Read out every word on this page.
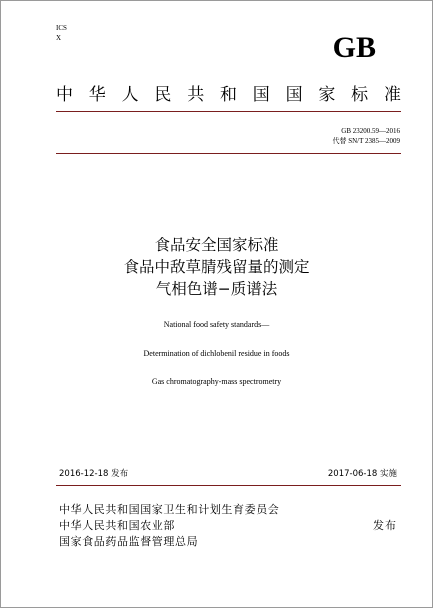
ICS
X	GB
中 华 人 民 共 和 国 国 家 标 准
GB 23200.59—2016
代替 SN/T 2385—2009
食品安全国家标准
食品中敌草腈残留量的测定
气相色谱−质谱法
National food safety standards—
Determination of dichlobenil residue in foods
Gas chromatography-mass spectrometry
2016-12-18 发布	2017-06-18 实施
中华人民共和国国家卫生和计划生育委员会
中华人民共和国农业部
国家食品药品监督管理总局
发布
